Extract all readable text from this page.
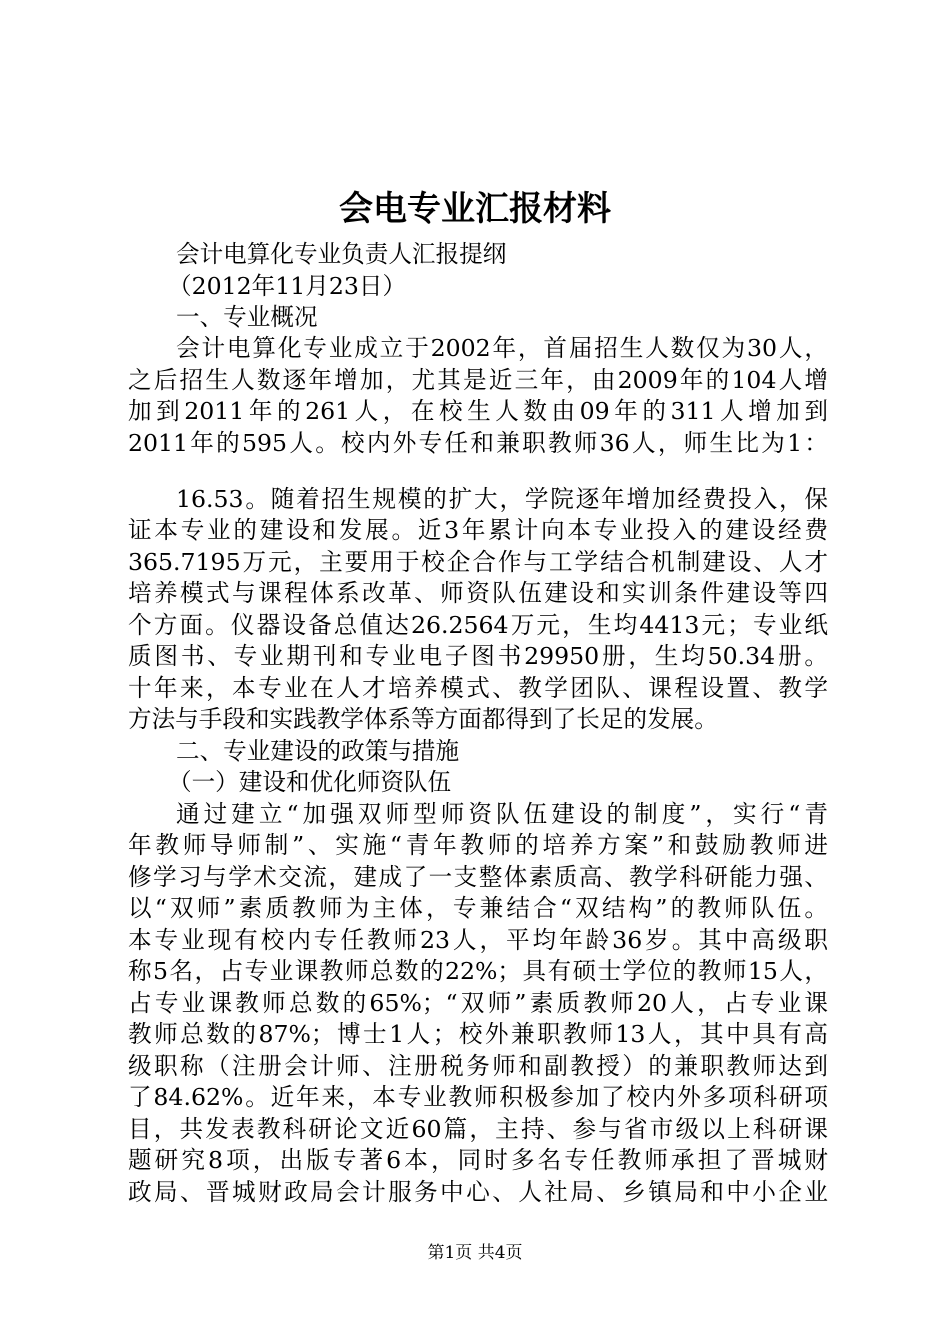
会电专业汇报材料
会计电算化专业负责人汇报提纲
（2012年11月23日）
一、专业概况
会计电算化专业成立于2002年，首届招生人数仅为30人，
之后招生人数逐年增加，尤其是近三年，由2009年的104人增
加到2011年的261人，在校生人数由09年的311人增加到
2011年的595人。校内外专任和兼职教师36人，师生比为1：
16.53。随着招生规模的扩大，学院逐年增加经费投入，保
证本专业的建设和发展。近3年累计向本专业投入的建设经费
365.7195万元，主要用于校企合作与工学结合机制建设、人才
培养模式与课程体系改革、师资队伍建设和实训条件建设等四
个方面。仪器设备总值达26.2564万元，生均4413元；专业纸
质图书、专业期刊和专业电子图书29950册，生均50.34册。
十年来，本专业在人才培养模式、教学团队、课程设置、教学
方法与手段和实践教学体系等方面都得到了长足的发展。
二、专业建设的政策与措施
（一）建设和优化师资队伍
通过建立“加强双师型师资队伍建设的制度”，实行“青
年教师导师制”、实施“青年教师的培养方案”和鼓励教师进
修学习与学术交流，建成了一支整体素质高、教学科研能力强、
以“双师”素质教师为主体，专兼结合“双结构”的教师队伍。
本专业现有校内专任教师23人，平均年龄36岁。其中高级职
称5名，占专业课教师总数的22%；具有硕士学位的教师15人，
占专业课教师总数的65%；“双师”素质教师20人，占专业课
教师总数的87%；博士1人；校外兼职教师13人，其中具有高
级职称（注册会计师、注册税务师和副教授）的兼职教师达到
了84.62%。近年来，本专业教师积极参加了校内外多项科研项
目，共发表教科研论文近60篇，主持、参与省市级以上科研课
题研究8项，出版专著6本，同时多名专任教师承担了晋城财
政局、晋城财政局会计服务中心、人社局、乡镇局和中小企业
第1页 共4页
